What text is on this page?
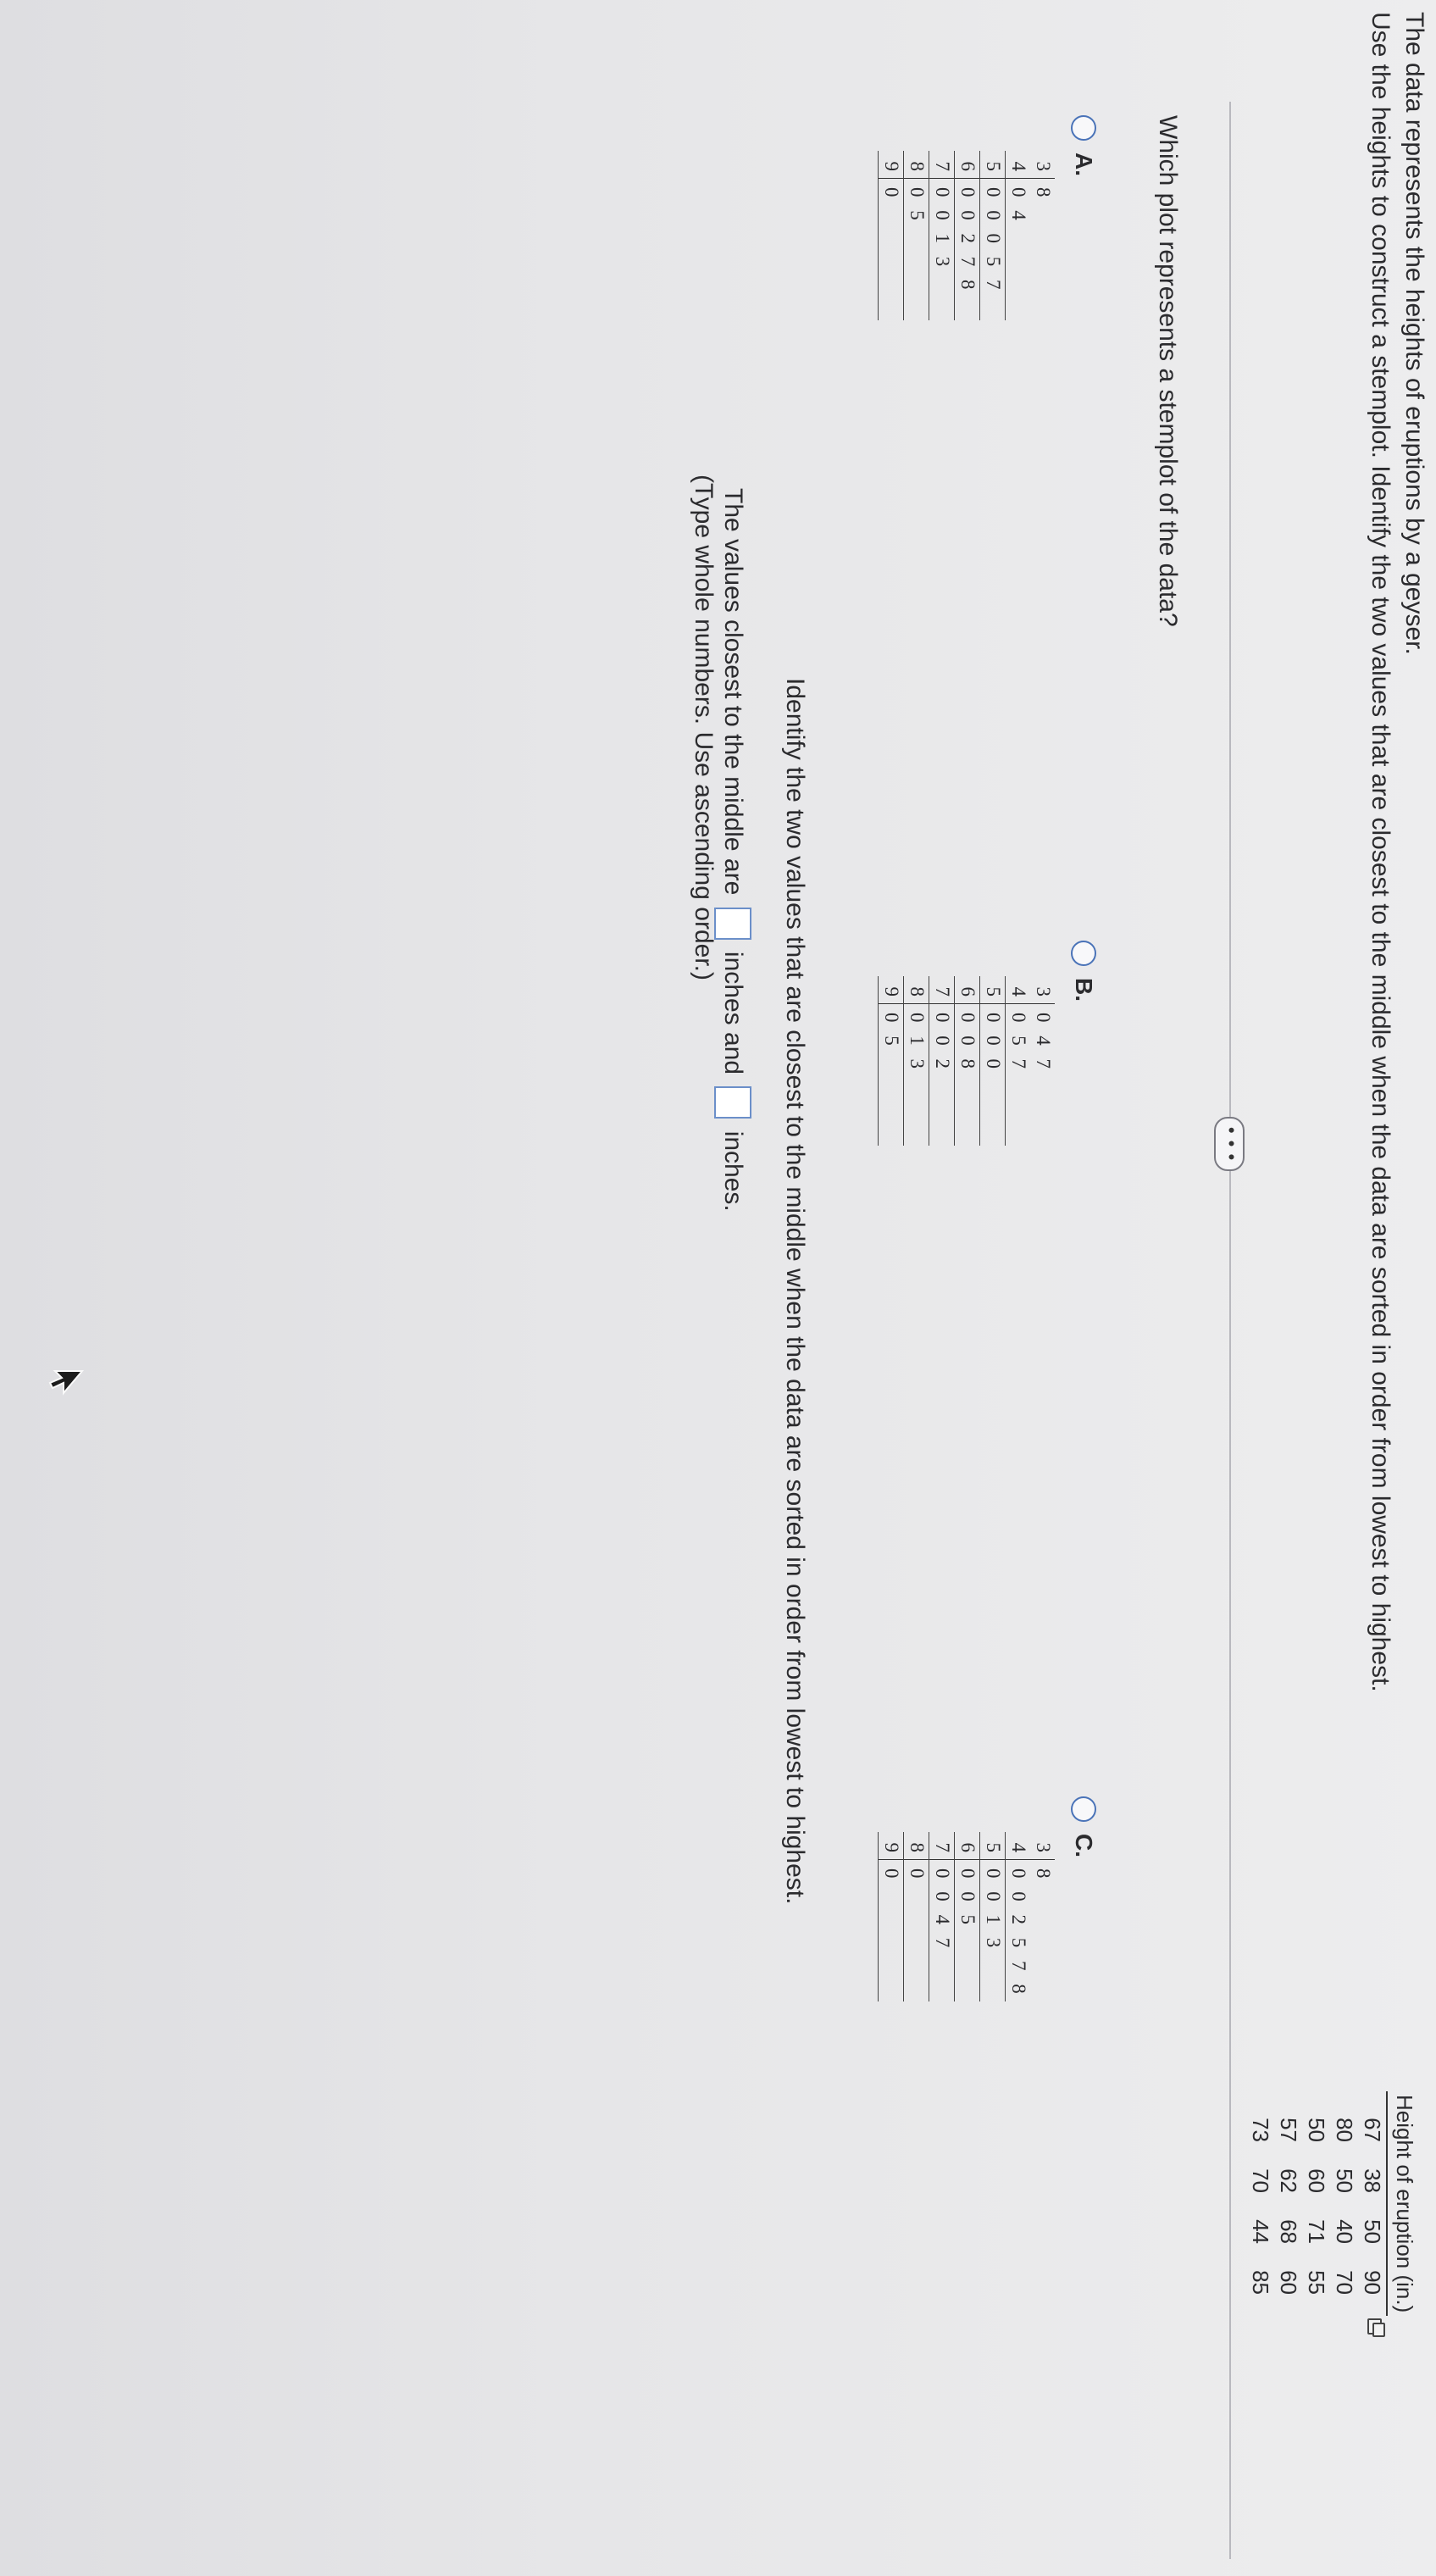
The data represents the heights of eruptions by a geyser.
Use the heights to construct a stemplot. Identify the two values that are closest to the middle when the data are sorted in order from lowest to highest.
Height of eruption (in.)
67
38
50
90
80
50
40
70
50
60
71
55
57
62
68
60
73
70
44
85
• • •
Which plot represents a stemplot of the data?
A.
3
8
4
0 4
5
0 0 0 5 7
6
0 0 2 7 8
7
0 0 1 3
8
0 5
9
0
B.
3
0 4 7
4
0 5 7
5
0 0 0
6
0 0 8
7
0 0 2
8
0 1 3
9
0 5
C.
3
8
4
0 0 2 5 7 8
5
0 0 1 3
6
0 0 5
7
0 0 4 7
8
0
9
0
Identify the two values that are closest to the middle when the data are sorted in order from lowest to highest.
The values closest to the middle are
inches and
inches.
(Type whole numbers. Use ascending order.)
